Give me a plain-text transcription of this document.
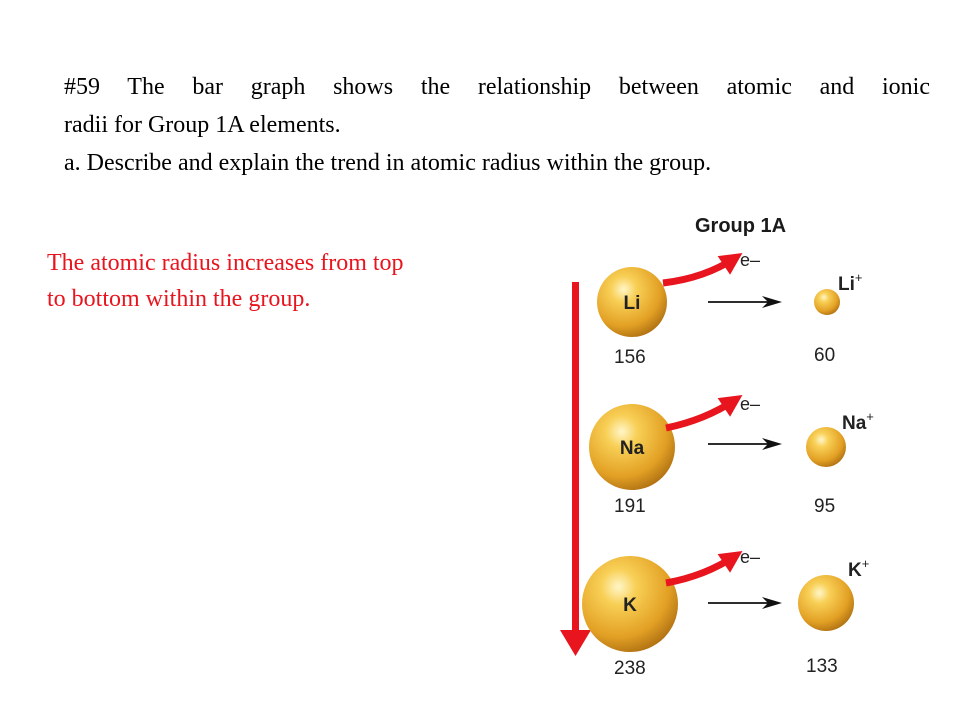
#59 The bar graph shows the relationship between atomic and ionic
radii for Group 1A elements.
a. Describe and explain the trend in atomic radius within the group.
The atomic radius increases from top
to bottom within the group.
Group 1A
Li
156
e–
Li+
60
Na
191
e–
Na+
95
K
238
e–
K+
133
